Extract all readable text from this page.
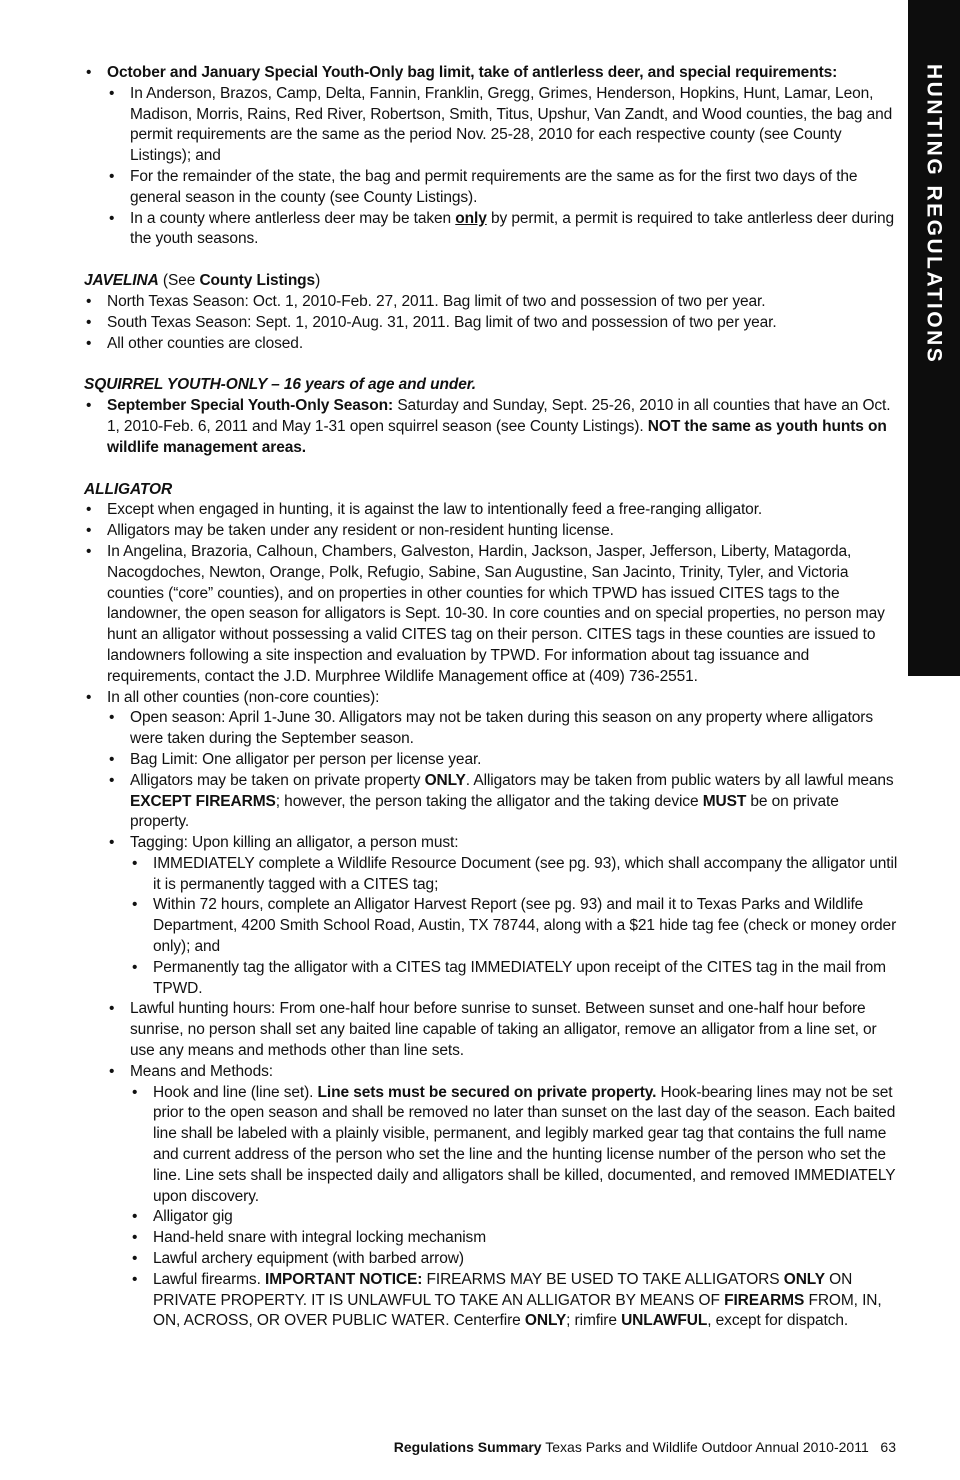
HUNTING REGULATIONS
• October and January Special Youth-Only bag limit, take of antlerless deer, and special requirements:
• In Anderson, Brazos, Camp, Delta, Fannin, Franklin, Gregg, Grimes, Henderson, Hopkins, Hunt, Lamar, Leon, Madison, Morris, Rains, Red River, Robertson, Smith, Titus, Upshur, Van Zandt, and Wood counties, the bag and permit requirements are the same as the period Nov. 25-28, 2010 for each respective county (see County Listings); and
• For the remainder of the state, the bag and permit requirements are the same as for the first two days of the general season in the county (see County Listings).
• In a county where antlerless deer may be taken only by permit, a permit is required to take antlerless deer during the youth seasons.
JAVELINA (See County Listings)
• North Texas Season: Oct. 1, 2010-Feb. 27, 2011. Bag limit of two and possession of two per year.
• South Texas Season: Sept. 1, 2010-Aug. 31, 2011. Bag limit of two and possession of two per year.
• All other counties are closed.
SQUIRREL YOUTH-ONLY – 16 years of age and under.
• September Special Youth-Only Season: Saturday and Sunday, Sept. 25-26, 2010 in all counties that have an Oct. 1, 2010-Feb. 6, 2011 and May 1-31 open squirrel season (see County Listings). NOT the same as youth hunts on wildlife management areas.
ALLIGATOR
• Except when engaged in hunting, it is against the law to intentionally feed a free-ranging alligator.
• Alligators may be taken under any resident or non-resident hunting license.
• In Angelina, Brazoria, Calhoun, Chambers, Galveston, Hardin, Jackson, Jasper, Jefferson, Liberty, Matagorda, Nacogdoches, Newton, Orange, Polk, Refugio, Sabine, San Augustine, San Jacinto, Trinity, Tyler, and Victoria counties (“core” counties), and on properties in other counties for which TPWD has issued CITES tags to the landowner, the open season for alligators is Sept. 10-30. In core counties and on special properties, no person may hunt an alligator without possessing a valid CITES tag on their person. CITES tags in these counties are issued to landowners following a site inspection and evaluation by TPWD. For information about tag issuance and requirements, contact the J.D. Murphree Wildlife Management office at (409) 736-2551.
• In all other counties (non-core counties):
• Open season: April 1-June 30. Alligators may not be taken during this season on any property where alligators were taken during the September season.
• Bag Limit: One alligator per person per license year.
• Alligators may be taken on private property ONLY. Alligators may be taken from public waters by all lawful means EXCEPT FIREARMS; however, the person taking the alligator and the taking device MUST be on private property.
• Tagging: Upon killing an alligator, a person must:
• IMMEDIATELY complete a Wildlife Resource Document (see pg. 93), which shall accompany the alligator until it is permanently tagged with a CITES tag;
• Within 72 hours, complete an Alligator Harvest Report (see pg. 93) and mail it to Texas Parks and Wildlife Department, 4200 Smith School Road, Austin, TX 78744, along with a $21 hide tag fee (check or money order only); and
• Permanently tag the alligator with a CITES tag IMMEDIATELY upon receipt of the CITES tag in the mail from TPWD.
• Lawful hunting hours: From one-half hour before sunrise to sunset. Between sunset and one-half hour before sunrise, no person shall set any baited line capable of taking an alligator, remove an alligator from a line set, or use any means and methods other than line sets.
• Means and Methods:
• Hook and line (line set). Line sets must be secured on private property. Hook-bearing lines may not be set prior to the open season and shall be removed no later than sunset on the last day of the season. Each baited line shall be labeled with a plainly visible, permanent, and legibly marked gear tag that contains the full name and current address of the person who set the line and the hunting license number of the person who set the line. Line sets shall be inspected daily and alligators shall be killed, documented, and removed IMMEDIATELY upon discovery.
• Alligator gig
• Hand-held snare with integral locking mechanism
• Lawful archery equipment (with barbed arrow)
• Lawful firearms. IMPORTANT NOTICE: FIREARMS MAY BE USED TO TAKE ALLIGATORS ONLY ON PRIVATE PROPERTY. IT IS UNLAWFUL TO TAKE AN ALLIGATOR BY MEANS OF FIREARMS FROM, IN, ON, ACROSS, OR OVER PUBLIC WATER. Centerfire ONLY; rimfire UNLAWFUL, except for dispatch.
Regulations Summary Texas Parks and Wildlife Outdoor Annual 2010-2011 63
